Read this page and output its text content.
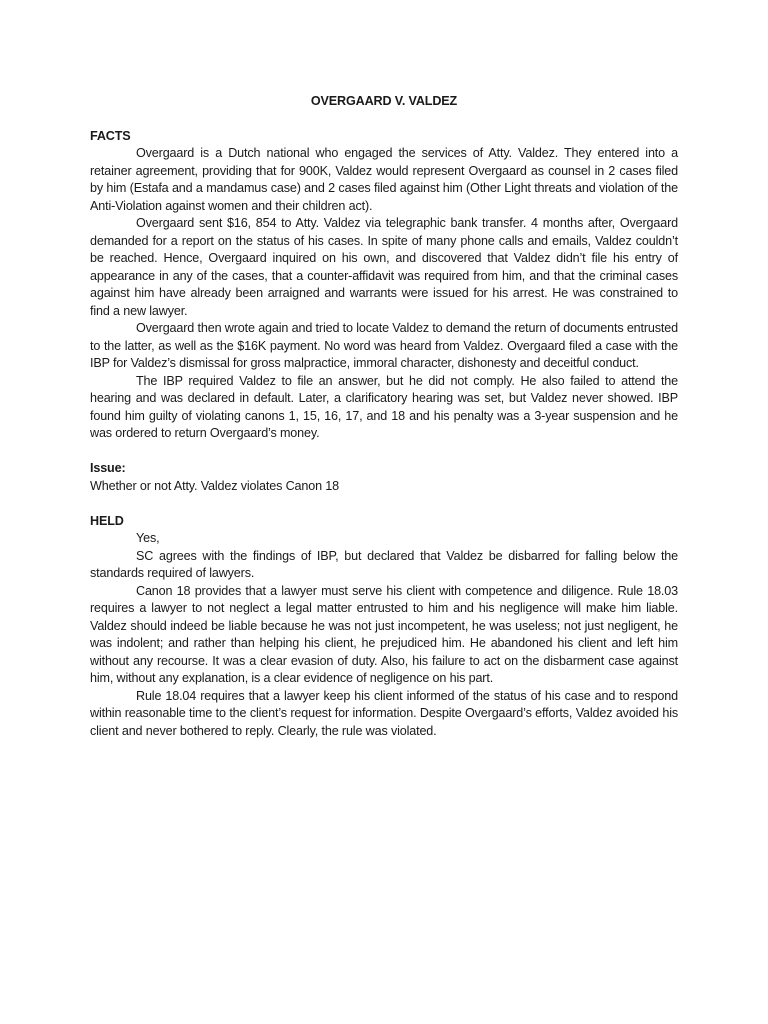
OVERGAARD V. VALDEZ

FACTS

Overgaard is a Dutch national who engaged the services of Atty. Valdez. They entered into a retainer agreement, providing that for 900K, Valdez would represent Overgaard as counsel in 2 cases filed by him (Estafa and a mandamus case) and 2 cases filed against him (Other Light threats and violation of the Anti-Violation against women and their children act).

Overgaard sent $16, 854 to Atty. Valdez via telegraphic bank transfer. 4 months after, Overgaard demanded for a report on the status of his cases. In spite of many phone calls and emails, Valdez couldn’t be reached. Hence, Overgaard inquired on his own, and discovered that Valdez didn’t file his entry of appearance in any of the cases, that a counter-affidavit was required from him, and that the criminal cases against him have already been arraigned and warrants were issued for his arrest. He was constrained to find a new lawyer.

Overgaard then wrote again and tried to locate Valdez to demand the return of documents entrusted to the latter, as well as the $16K payment. No word was heard from Valdez. Overgaard filed a case with the IBP for Valdez’s dismissal for gross malpractice, immoral character, dishonesty and deceitful conduct.

The IBP required Valdez to file an answer, but he did not comply. He also failed to attend the hearing and was declared in default. Later, a clarificatory hearing was set, but Valdez never showed. IBP found him guilty of violating canons 1, 15, 16, 17, and 18 and his penalty was a 3-year suspension and he was ordered to return Overgaard’s money.

Issue:

Whether or not Atty. Valdez violates Canon 18

HELD

Yes,

SC agrees with the findings of IBP, but declared that Valdez be disbarred for falling below the standards required of lawyers.

Canon 18 provides that a lawyer must serve his client with competence and diligence. Rule 18.03 requires a lawyer to not neglect a legal matter entrusted to him and his negligence will make him liable. Valdez should indeed be liable because he was not just incompetent, he was useless; not just negligent, he was indolent; and rather than helping his client, he prejudiced him. He abandoned his client and left him without any recourse. It was a clear evasion of duty. Also, his failure to act on the disbarment case against him, without any explanation, is a clear evidence of negligence on his part.

Rule 18.04 requires that a lawyer keep his client informed of the status of his case and to respond within reasonable time to the client’s request for information. Despite Overgaard’s efforts, Valdez avoided his client and never bothered to reply. Clearly, the rule was violated.
